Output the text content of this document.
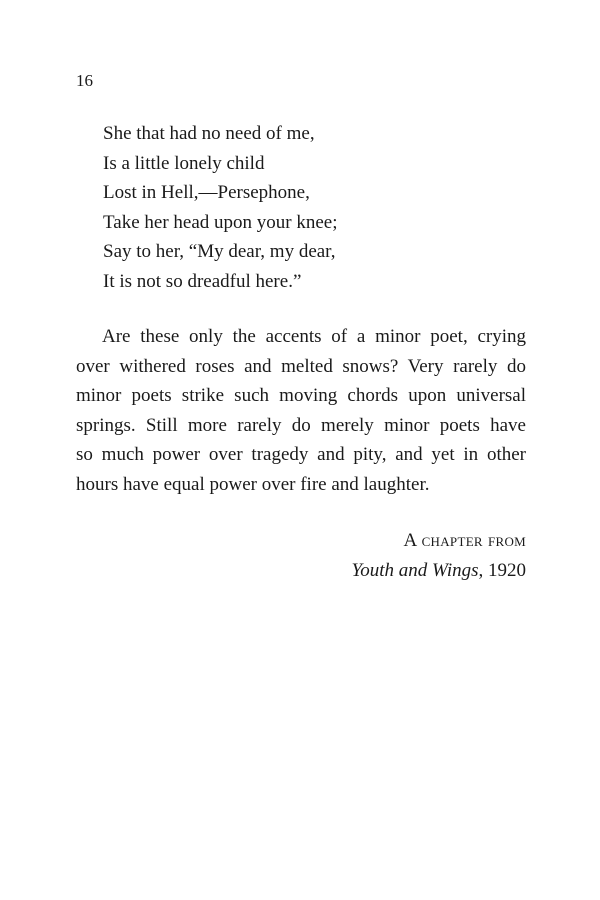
16
She that had no need of me,
Is a little lonely child
Lost in Hell,—Persephone,
Take her head upon your knee;
Say to her, “My dear, my dear,
It is not so dreadful here.”
Are these only the accents of a minor poet, crying
over withered roses and melted snows? Very rarely do
minor poets strike such moving chords upon universal
springs. Still more rarely do merely minor poets have
so much power over tragedy and pity, and yet in other
hours have equal power over fire and laughter.
A chapter from
Youth and Wings, 1920
